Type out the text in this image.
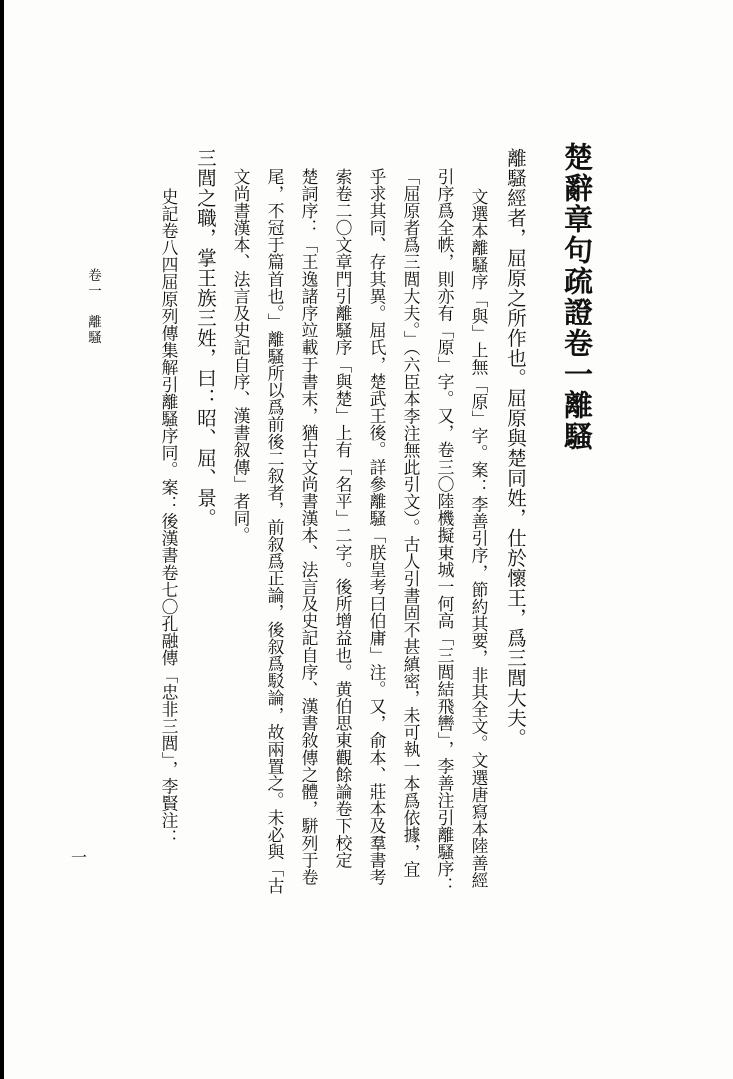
楚辭章句疏證卷一離騷
離騷經者，屈原之所作也。屈原與楚同姓，仕於懷王，爲三閭大夫。
文選本離騷序「與」上無「原」字。案：李善引序，節約其要，非其全文。文選唐寫本陸善經
引序爲全帙，則亦有「原」字。又，卷三〇陸機擬東城一何高「三閭結飛轡」，李善注引離騷序：
「屈原者爲三閭大夫。」（六臣本李注無此引文）。古人引書固不甚縝密，未可執一本爲依據，宜
乎求其同、存其異。屈氏，楚武王後。詳參離騷「朕皇考曰伯庸」注。又，俞本、莊本及羣書考
索卷二〇文章門引離騷序「與楚」上有「名平」二字。後所增益也。黄伯思東觀餘論卷下校定
楚詞序：「王逸諸序竝載于書末，猶古文尚書漢本、法言及史記自序、漢書敘傳之體，駢列于卷
尾，不冠于篇首也。」離騷所以爲前後二叙者，前叙爲正論，後叙爲駁論，故兩置之。未必與「古
文尚書漢本、法言及史記自序、漢書叙傳」者同。
三閭之職，掌王族三姓，曰：昭、屈、景。
史記卷八四屈原列傳集解引離騷序同。案：後漢書卷七〇孔融傳「忠非三閭」，李賢注：
卷一　離騷
一
